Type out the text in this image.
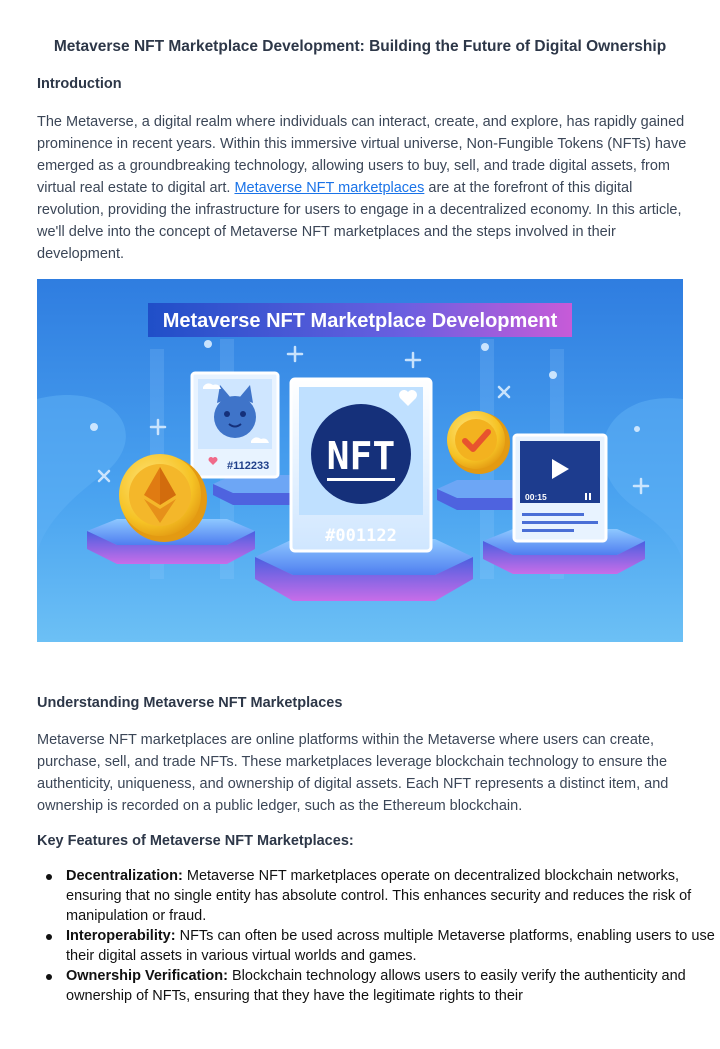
Metaverse NFT Marketplace Development: Building the Future of Digital Ownership
Introduction

The Metaverse, a digital realm where individuals can interact, create, and explore, has rapidly gained prominence in recent years. Within this immersive virtual universe, Non-Fungible Tokens (NFTs) have emerged as a groundbreaking technology, allowing users to buy, sell, and trade digital assets, from virtual real estate to digital art. Metaverse NFT marketplaces are at the forefront of this digital revolution, providing the infrastructure for users to engage in a decentralized economy. In this article, we'll delve into the concept of Metaverse NFT marketplaces and the steps involved in their development.

Metaverse NFT Marketplace Development
#112233 NFT
#001122
00:15
Understanding Metaverse NFT Marketplaces

Metaverse NFT marketplaces are online platforms within the Metaverse where users can create, purchase, sell, and trade NFTs. These marketplaces leverage blockchain technology to ensure the authenticity, uniqueness, and ownership of digital assets. Each NFT represents a distinct item, and ownership is recorded on a public ledger, such as the Ethereum blockchain.

Key Features of Metaverse NFT Marketplaces:
Decentralization: Metaverse NFT marketplaces operate on decentralized blockchain networks, ensuring that no single entity has absolute control. This enhances security and reduces the risk of manipulation or fraud.
Interoperability: NFTs can often be used across multiple Metaverse platforms, enabling users to use their digital assets in various virtual worlds and games.
Ownership Verification: Blockchain technology allows users to easily verify the authenticity and ownership of NFTs, ensuring that they have the legitimate rights to their
